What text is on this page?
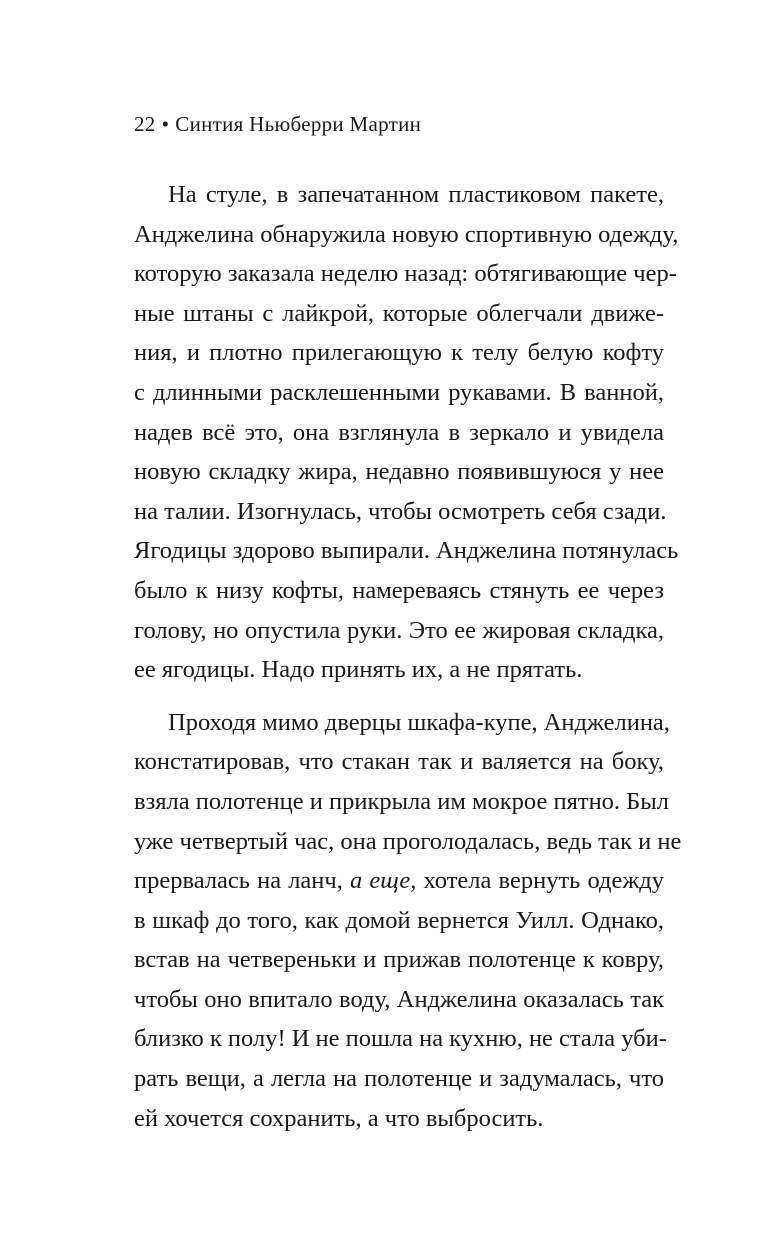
22 • Синтия Ньюберри Мартин
На стуле, в запечатанном пластиковом пакете,
Анджелина обнаружила новую спортивную одежду,
которую заказала неделю назад: обтягивающие чер-
ные штаны с лайкрой, которые облегчали движе-
ния, и плотно прилегающую к телу белую кофту
с длинными расклешенными рукавами. В ванной,
надев всё это, она взглянула в зеркало и увидела
новую складку жира, недавно появившуюся у нее
на талии. Изогнулась, чтобы осмотреть себя сзади.
Ягодицы здорово выпирали. Анджелина потянулась
было к низу кофты, намереваясь стянуть ее через
голову, но опустила руки. Это ее жировая складка,
ее ягодицы. Надо принять их, а не прятать.
Проходя мимо дверцы шкафа-купе, Анджелина,
констатировав, что стакан так и валяется на боку,
взяла полотенце и прикрыла им мокрое пятно. Был
уже четвертый час, она проголодалась, ведь так и не
прервалась на ланч, а еще, хотела вернуть одежду
в шкаф до того, как домой вернется Уилл. Однако,
встав на четвереньки и прижав полотенце к ковру,
чтобы оно впитало воду, Анджелина оказалась так
близко к полу! И не пошла на кухню, не стала уби-
рать вещи, а легла на полотенце и задумалась, что
ей хочется сохранить, а что выбросить.
